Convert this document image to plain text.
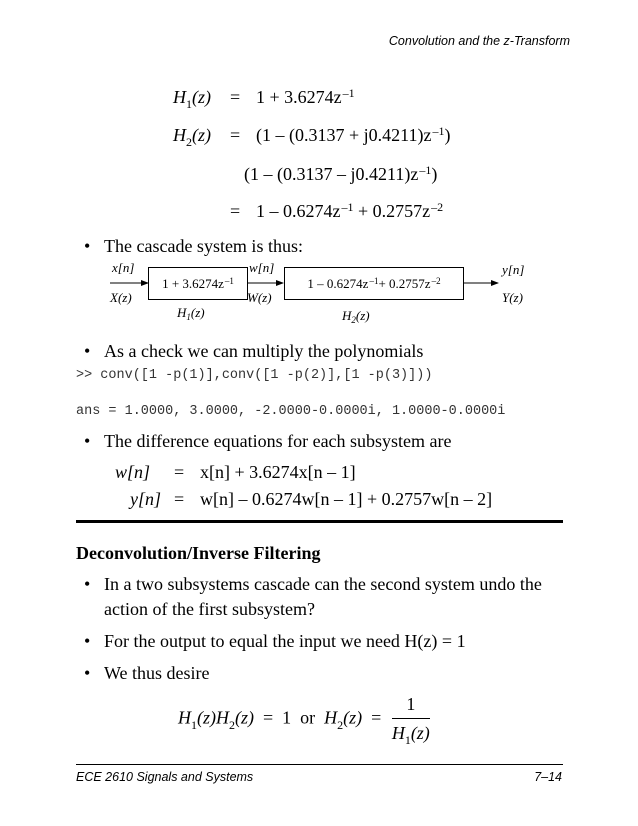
Convolution and the z-Transform
$H_1(z) = 1 + 3.6274z^{-1}$
$H_2(z) = (1 - (0.3137 + j0.4211)z^{-1})$
$(1 - (0.3137 - j0.4211)z^{-1})$
= $1 - 0.6274z^{-1} + 0.2757z^{-2}$
• The cascade system is thus:
x[n]
X(z)
$1 + 3.6274z^{-1}$
$H_1(z)$
w[n]
W(z)
$1 - 0.6274z^{-1} + 0.2757z^{-2}$
$H_2(z)$
y[n]
Y(z)
• As a check we can multiply the polynomials
>> conv([1 -p(1)],conv([1 -p(2)],[1 -p(3)]))
ans = 1.0000, 3.0000, -2.0000-0.0000i, 1.0000-0.0000i
• The difference equations for each subsystem are
w[n] = x[n] + 3.6274x[n – 1]
y[n] = w[n] – 0.6274w[n – 1] + 0.2757w[n – 2]
Deconvolution/Inverse Filtering
• In a two subsystems cascade can the second system undo the
action of the first subsystem?
• For the output to equal the input we need H(z) = 1
• We thus desire
$H_1(z)H_2(z) = 1$ or $H_2(z) = \frac{1}{H_1(z)}$
ECE 2610 Signals and Systems	7–14
